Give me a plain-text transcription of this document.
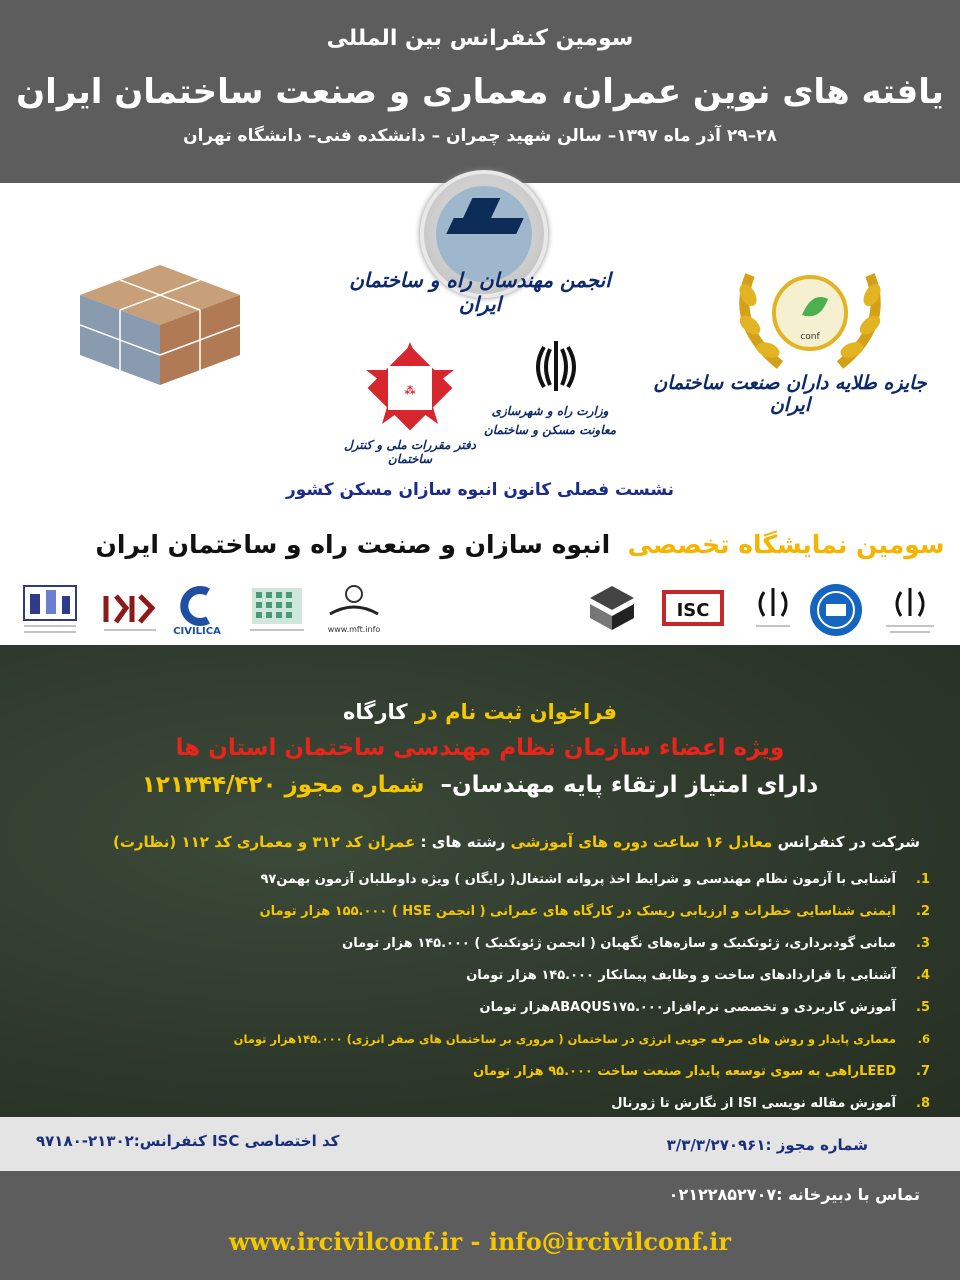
سومین کنفرانس بین المللی
یافته های نوین عمران، معماری و صنعت ساختمان ایران
۲۸–۲۹ آذر ماه ۱۳۹۷– سالن شهید چمران – دانشکده فنی– دانشگاه تهران
انجمن مهندسان راه و ساختمان ایران
conf
جایزه طلایه داران صنعت ساختمان ایران
وزارت راه و شهرسازی
معاونت مسکن و ساختمان
⁂
دفتر مقررات ملی و کنترل ساختمان
نشست فصلی کانون انبوه سازان مسکن کشور
سومین نمایشگاه تخصصی  انبوه سازان و صنعت راه و ساختمان ایران
CIVILICA	www.mft.info
ISC
فراخوان ثبت نام در کارگاه
ویژه اعضاء سازمان نظام مهندسی ساختمان استان ها
دارای امتیاز ارتقاء پایه مهندسان–  شماره مجوز ۱۲۱۳۴۴/۴۲۰
شرکت در کنفرانس معادل ۱۶ ساعت دوره های آموزشی رشته های : عمران کد ۳۱۲ و معماری کد ۱۱۲ (نظارت)
1.
آشنایی با آزمون نظام مهندسی و شرایط اخذ پروانه اشتغال( رایگان ) ویژه داوطلبان آزمون بهمن۹۷
2.
ایمنی شناسایی خطرات و ارزیابی ریسک در کارگاه های عمرانی ( انجمن HSE ) ۱۵۵.۰۰۰ هزار تومان
3.
مبانی گودبرداری، ژئوتکنیک و سازه‌های نگهبان ( انجمن ژئوتکنیک ) ۱۴۵.۰۰۰ هزار تومان
4.
آشنایی با قراردادهای ساخت و وظایف پیمانکار ۱۴۵.۰۰۰ هزار تومان
5.
آموزش کاربردی و تخصصی نرم‌افزارABAQUS۱۷۵.۰۰۰هزار تومان
6.
معماری پایدار و روش های صرفه جویی انرژی در ساختمان ( مروری بر ساختمان های صفر انرژی) ۱۴۵.۰۰۰هزار تومان
7.
LEEDراهی به سوی توسعه پایدار صنعت ساخت ۹۵.۰۰۰ هزار تومان
8.
آموزش مقاله نویسی ISI از نگارش تا ژورنال
کد اختصاصی ISC کنفرانس:۲۱۳۰۲-۹۷۱۸۰	شماره مجوز :۳/۳/۳/۲۷۰۹۶۱
تماس با دبیرخانه :۰۲۱۲۲۸۵۲۷۰۷
www.ircivilconf.ir - info@ircivilconf.ir
